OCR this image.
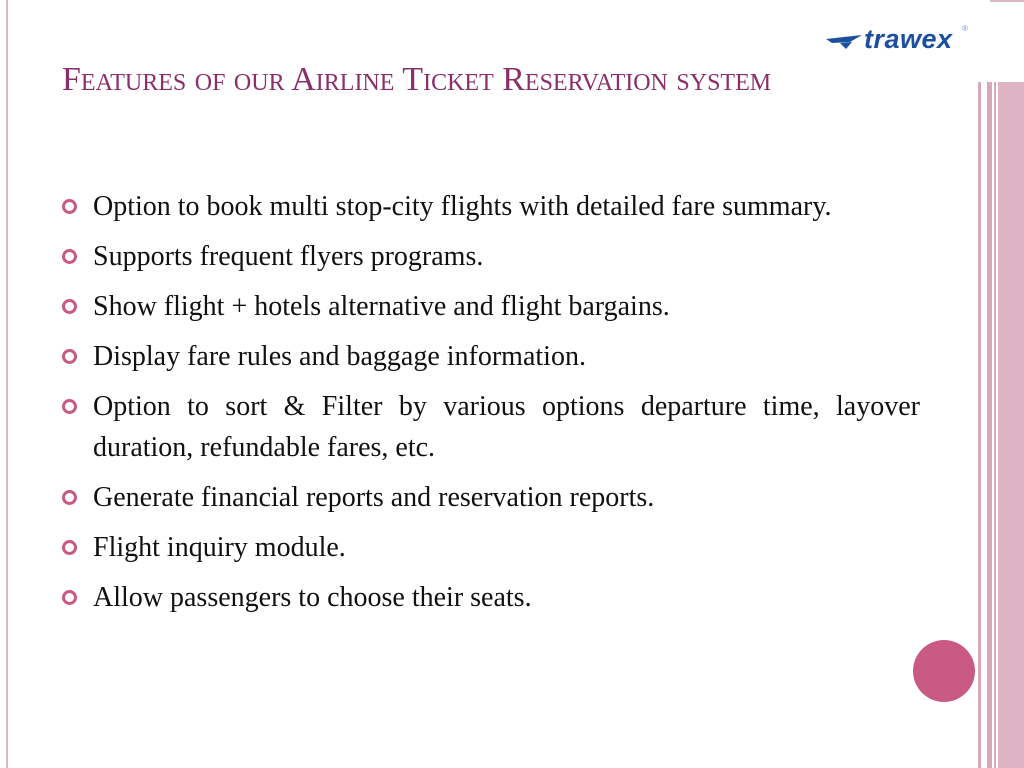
trawex ®
Features of our Airline Ticket Reservation system
Option to book multi stop-city flights with detailed fare summary.
Supports frequent flyers programs.
Show flight + hotels alternative and flight bargains.
Display fare rules and baggage information.
Option to sort & Filter by various options departure time, layover duration, refundable fares, etc.
Generate financial reports and reservation reports.
Flight inquiry module.
Allow passengers to choose their seats.
